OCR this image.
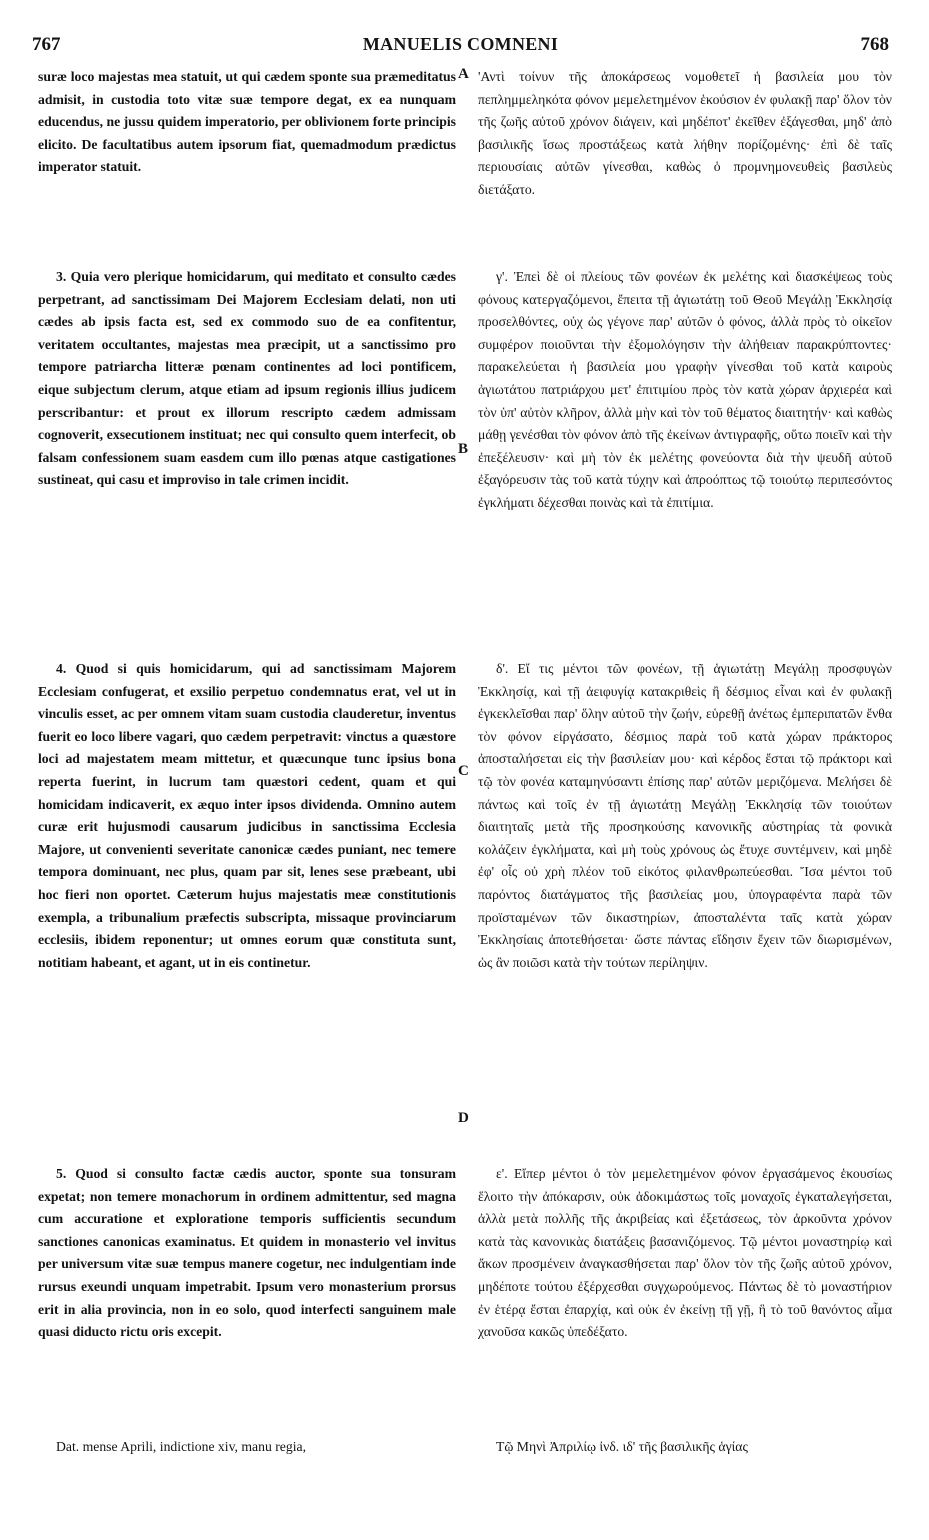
767	MANUELIS COMNENI	768
A
B
C
D

suræ loco majestas mea statuit, ut qui cædem sponte sua præmeditatus admisit, in custodia toto vitæ suæ tempore degat, ex ea nunquam educendus, ne jussu quidem imperatorio, per oblivionem forte principis elicito. De facultatibus autem ipsorum fiat, quemadmodum prædictus imperator statuit.

3. Quia vero plerique homicidarum, qui meditato et consulto cædes perpetrant, ad sanctissimam Dei Majorem Ecclesiam delati, non uti cædes ab ipsis facta est, sed ex commodo suo de ea confitentur, veritatem occultantes, majestas mea præcipit, ut a sanctissimo pro tempore patriarcha litteræ pœnam continentes ad loci pontificem, eique subjectum clerum, atque etiam ad ipsum regionis illius judicem perscribantur: et prout ex illorum rescripto cædem admissam cognoverit, exsecutionem instituat; nec qui consulto quem interfecit, ob falsam confessionem suam easdem cum illo pœnas atque castigationes sustineat, qui casu et improviso in tale crimen incidit.

4. Quod si quis homicidarum, qui ad sanctissimam Majorem Ecclesiam confugerat, et exsilio perpetuo condemnatus erat, vel ut in vinculis esset, ac per omnem vitam suam custodia clauderetur, inventus fuerit eo loco libere vagari, quo cædem perpetravit: vinctus a quæstore loci ad majestatem meam mittetur, et quæcunque tunc ipsius bona reperta fuerint, in lucrum tam quæstori cedent, quam et qui homicidam indicaverit, ex æquo inter ipsos dividenda. Omnino autem curæ erit hujusmodi causarum judicibus in sanctissima Ecclesia Majore, ut convenienti severitate canonicæ cædes puniant, nec temere tempora dominuant, nec plus, quam par sit, lenes sese præbeant, ubi hoc fieri non oportet. Cæterum hujus majestatis meæ constitutionis exempla, a tribunalium præfectis subscripta, missaque provinciarum ecclesiis, ibidem reponentur; ut omnes eorum quæ constituta sunt, notitiam habeant, et agant, ut in eis continetur.

5. Quod si consulto factæ cædis auctor, sponte sua tonsuram expetat; non temere monachorum in ordinem admittentur, sed magna cum accuratione et exploratione temporis sufficientis secundum sanctiones canonicas examinatus. Et quidem in monasterio vel invitus per universum vitæ suæ tempus manere cogetur, nec indulgentiam inde rursus exeundi unquam impetrabit. Ipsum vero monasterium prorsus erit in alia provincia, non in eo solo, quod interfecti sanguinem male quasi diducto rictu oris excepit.

Dat. mense Aprili, indictione xiv, manu regia,

'Αντὶ τοίνυν τῆς ἀποκάρσεως νομοθετεῖ ἡ βασιλεία μου τὸν πεπλημμεληκότα φόνον μεμελετημένον ἑκούσιον ἐν φυλακῇ παρ' ὅλον τὸν τῆς ζωῆς αὐτοῦ χρόνον διάγειν, καὶ μηδέποτ' ἐκεῖθεν ἐξάγεσθαι, μηδ' ἀπὸ βασιλικῆς ἴσως προστάξεως κατὰ λήθην πορίζομένης· ἐπὶ δὲ ταῖς περιουσίαις αὐτῶν γίνεσθαι, καθὼς ὁ προμνημονευθεὶς βασιλεὺς διετάξατο.

γ'. Ἐπεὶ δὲ οἱ πλείους τῶν φονέων ἐκ μελέτης καὶ διασκέψεως τοὺς φόνους κατεργαζόμενοι, ἔπειτα τῇ ἁγιωτάτῃ τοῦ Θεοῦ Μεγάλῃ Ἐκκλησίᾳ προσελθόντες, οὐχ ὡς γέγονε παρ' αὐτῶν ὁ φόνος, ἀλλὰ πρὸς τὸ οἰκεῖον συμφέρον ποιοῦνται τὴν ἐξομολόγησιν τὴν ἀλήθειαν παρακρύπτοντες· παρακελεύεται ἡ βασιλεία μου γραφὴν γίνεσθαι τοῦ κατὰ καιροὺς ἁγιωτάτου πατριάρχου μετ' ἐπιτιμίου πρὸς τὸν κατὰ χώραν ἀρχιερέα καὶ τὸν ὑπ' αὐτὸν κλῆρον, ἀλλὰ μὴν καὶ τὸν τοῦ θέματος διαιτητήν· καὶ καθὼς μάθῃ γενέσθαι τὸν φόνον ἀπὸ τῆς ἐκείνων ἀντιγραφῆς, οὕτω ποιεῖν καὶ τὴν ἐπεξέλευσιν· καὶ μὴ τὸν ἐκ μελέτης φονεύοντα διὰ τὴν ψευδῆ αὐτοῦ ἐξαγόρευσιν τὰς τοῦ κατὰ τύχην καὶ ἀπροόπτως τῷ τοιούτῳ περιπεσόντος ἐγκλήματι δέχεσθαι ποινὰς καὶ τὰ ἐπιτίμια.

δ'. Εἴ τις μέντοι τῶν φονέων, τῇ ἁγιωτάτῃ Μεγάλῃ προσφυγὼν Ἐκκλησίᾳ, καὶ τῇ ἀειφυγίᾳ κατακριθεὶς ἢ δέσμιος εἶναι καὶ ἐν φυλακῇ ἐγκεκλεῖσθαι παρ' ὅλην αὐτοῦ τὴν ζωήν, εὑρεθῇ ἀνέτως ἐμπεριπατῶν ἔνθα τὸν φόνον εἰργάσατο, δέσμιος παρὰ τοῦ κατὰ χώραν πράκτορος ἀποσταλήσεται εἰς τὴν βασιλείαν μου· καὶ κέρδος ἔσται τῷ πράκτορι καὶ τῷ τὸν φονέα καταμηνύσαντι ἐπίσης παρ' αὐτῶν μεριζόμενα. Μελήσει δὲ πάντως καὶ τοῖς ἐν τῇ ἁγιωτάτῃ Μεγάλῃ Ἐκκλησίᾳ τῶν τοιούτων διαιτηταῖς μετὰ τῆς προσηκούσης κανονικῆς αὐστηρίας τὰ φονικὰ κολάζειν ἐγκλήματα, καὶ μὴ τοὺς χρόνους ὡς ἔτυχε συντέμνειν, καὶ μηδὲ ἐφ' οἷς οὐ χρὴ πλέον τοῦ εἰκότος φιλανθρωπεύεσθαι. Ἴσα μέντοι τοῦ παρόντος διατάγματος τῆς βασιλείας μου, ὑπογραφέντα παρὰ τῶν προϊσταμένων τῶν δικαστηρίων, ἀποσταλέντα ταῖς κατὰ χώραν Ἐκκλησίαις ἀποτεθήσεται· ὥστε πάντας εἴδησιν ἔχειν τῶν διωρισμένων, ὡς ἂν ποιῶσι κατὰ τὴν τούτων περίληψιν.

ε'. Εἴπερ μέντοι ὁ τὸν μεμελετημένον φόνον ἐργασάμενος ἑκουσίως ἕλοιτο τὴν ἀπόκαρσιν, οὐκ ἀδοκιμάστως τοῖς μοναχοῖς ἐγκαταλεγήσεται, ἀλλὰ μετὰ πολλῆς τῆς ἀκριβείας καὶ ἐξετάσεως, τὸν ἀρκοῦντα χρόνον κατὰ τὰς κανονικὰς διατάξεις βασανιζόμενος. Τῷ μέντοι μοναστηρίῳ καὶ ἄκων προσμένειν ἀναγκασθήσεται παρ' ὅλον τὸν τῆς ζωῆς αὐτοῦ χρόνον, μηδέποτε τούτου ἐξέρχεσθαι συγχωρούμενος. Πάντως δὲ τὸ μοναστήριον ἐν ἑτέρᾳ ἔσται ἐπαρχίᾳ, καὶ οὐκ ἐν ἐκείνῃ τῇ γῇ, ἣ τὸ τοῦ θανόντος αἷμα χανοῦσα κακῶς ὑπεδέξατο.

Τῷ Μηνὶ Ἀπριλίῳ ἰνδ. ιδ' τῆς βασιλικῆς ἁγίας
